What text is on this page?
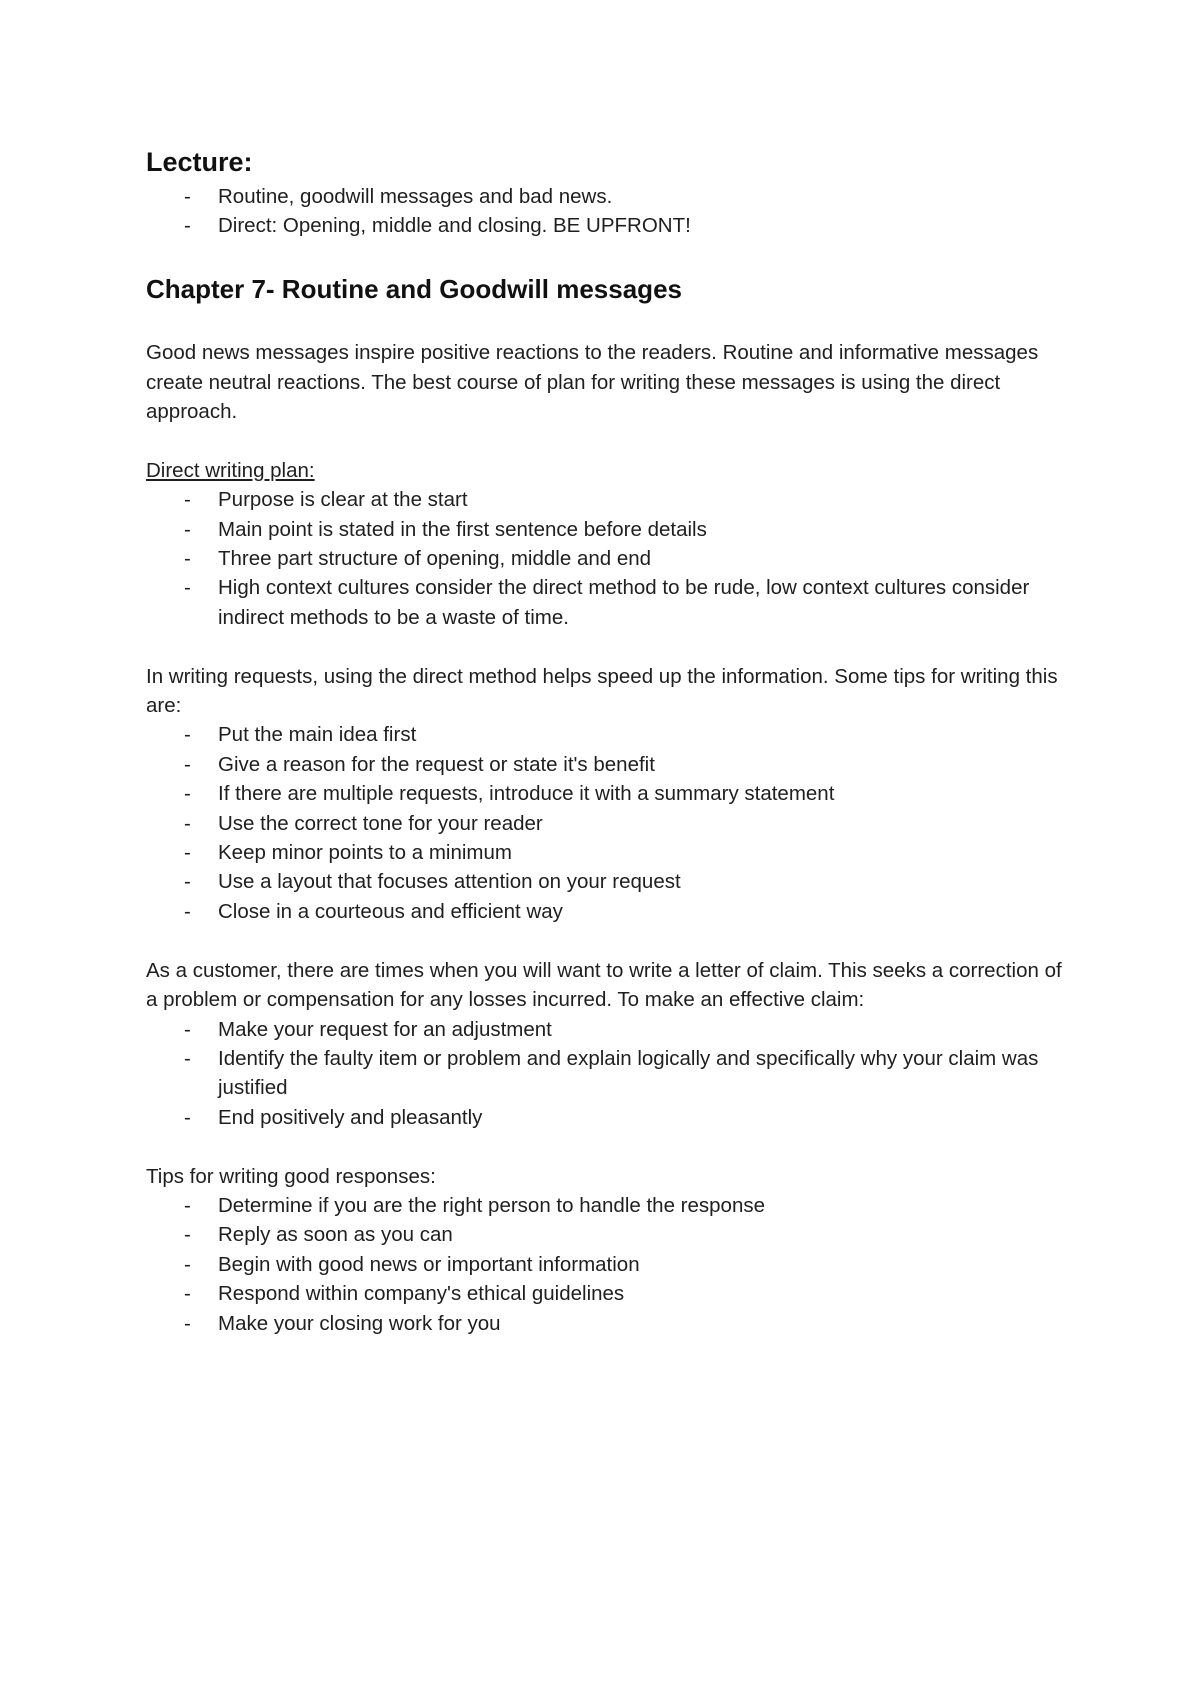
Lecture:
- Routine, goodwill messages and bad news.
- Direct: Opening, middle and closing. BE UPFRONT!
Chapter 7- Routine and Goodwill messages

Good news messages inspire positive reactions to the readers. Routine and informative messages create neutral reactions. The best course of plan for writing these messages is using the direct approach.

Direct writing plan:

- Purpose is clear at the start
- Main point is stated in the first sentence before details
- Three part structure of opening, middle and end
- High context cultures consider the direct method to be rude, low context cultures consider indirect methods to be a waste of time.

In writing requests, using the direct method helps speed up the information. Some tips for writing this are:

- Put the main idea first
- Give a reason for the request or state it's benefit
- If there are multiple requests, introduce it with a summary statement
- Use the correct tone for your reader
- Keep minor points to a minimum
- Use a layout that focuses attention on your request
- Close in a courteous and efficient way

As a customer, there are times when you will want to write a letter of claim. This seeks a correction of a problem or compensation for any losses incurred. To make an effective claim:

- Make your request for an adjustment
- Identify the faulty item or problem and explain logically and specifically why your claim was justified
- End positively and pleasantly

Tips for writing good responses:

- Determine if you are the right person to handle the response
- Reply as soon as you can
- Begin with good news or important information
- Respond within company's ethical guidelines
- Make your closing work for you
